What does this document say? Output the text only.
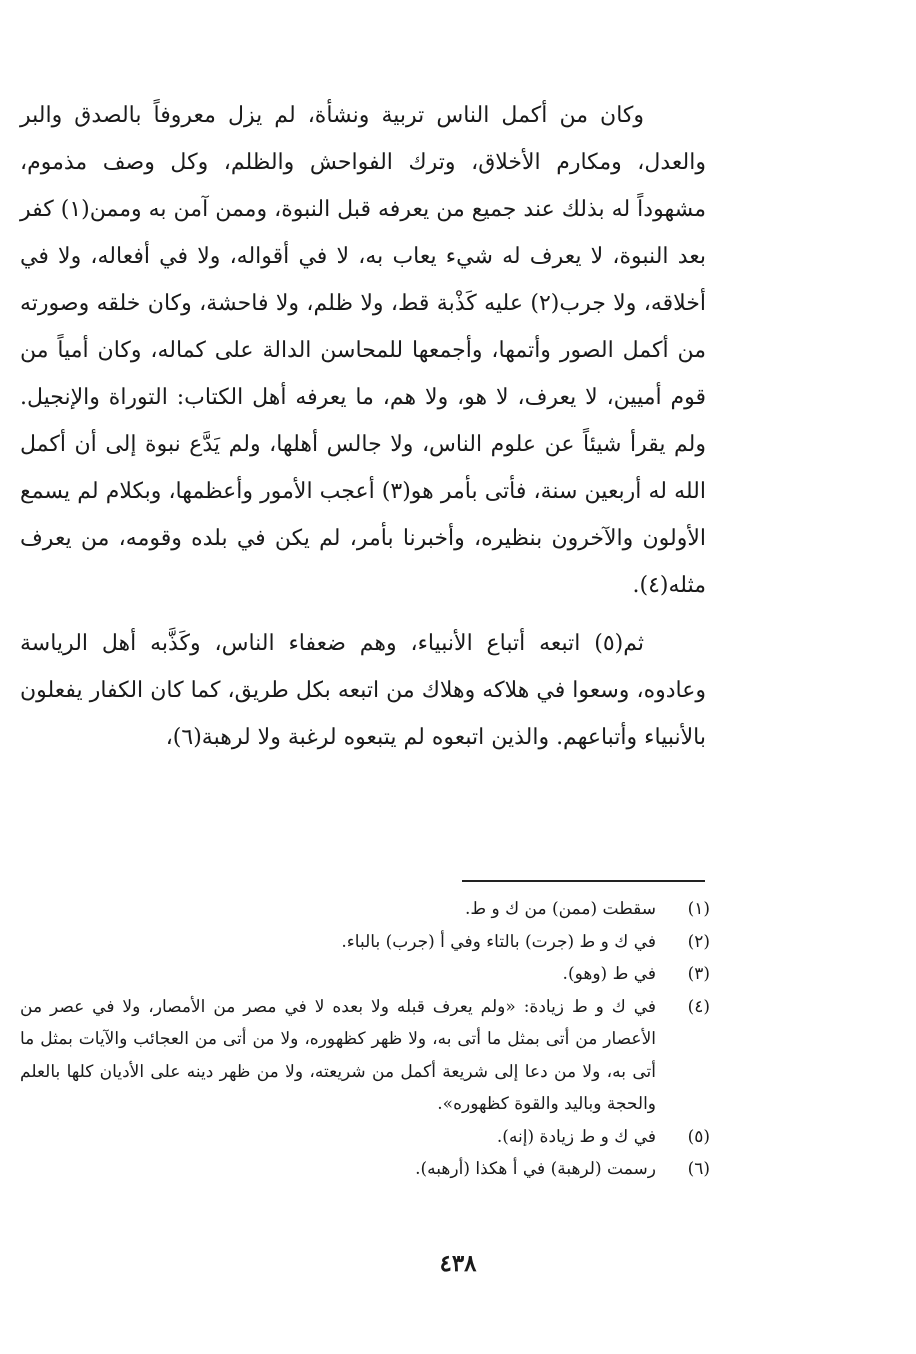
وكان من أكمل الناس تربية ونشأة، لم يزل معروفاً بالصدق والبر والعدل، ومكارم الأخلاق، وترك الفواحش والظلم، وكل وصف مذموم، مشهوداً له بذلك عند جميع من يعرفه قبل النبوة، وممن آمن به وممن(١) كفر بعد النبوة، لا يعرف له شيء يعاب به، لا في أقواله، ولا في أفعاله، ولا في أخلاقه، ولا جرب(٢) عليه كَذْبة قط، ولا ظلم، ولا فاحشة، وكان خلقه وصورته من أكمل الصور وأتمها، وأجمعها للمحاسن الدالة على كماله، وكان أمياً من قوم أميين، لا يعرف، لا هو، ولا هم، ما يعرفه أهل الكتاب: التوراة والإنجيل. ولم يقرأ شيئاً عن علوم الناس، ولا جالس أهلها، ولم يَدَّع نبوة إلى أن أكمل الله له أربعين سنة، فأتى بأمر هو(٣) أعجب الأمور وأعظمها، وبكلام لم يسمع الأولون والآخرون بنظيره، وأخبرنا بأمر، لم يكن في بلده وقومه، من يعرف مثله(٤).

ثم(٥) اتبعه أتباع الأنبياء، وهم ضعفاء الناس، وكَذَّبه أهل الرياسة وعادوه، وسعوا في هلاكه وهلاك من اتبعه بكل طريق، كما كان الكفار يفعلون بالأنبياء وأتباعهم. والذين اتبعوه لم يتبعوه لرغبة ولا لرهبة(٦)،

(١)
سقطت (ممن) من ك و ط.
(٢)
في ك و ط (جرت) بالتاء وفي أ (جرب) بالباء.
(٣)
في ط (وهو).
(٤)
في ك و ط زيادة: «ولم يعرف قبله ولا بعده لا في مصر من الأمصار، ولا في عصر من الأعصار من أتى بمثل ما أتى به، ولا ظهر كظهوره، ولا من أتى من العجائب والآيات بمثل ما أتى به، ولا من دعا إلى شريعة أكمل من شريعته، ولا من ظهر دينه على الأديان كلها بالعلم والحجة وباليد والقوة كظهوره».
(٥)
في ك و ط زيادة (إنه).
(٦)
رسمت (لرهبة) في أ هكذا (أرهبه).
٤٣٨
